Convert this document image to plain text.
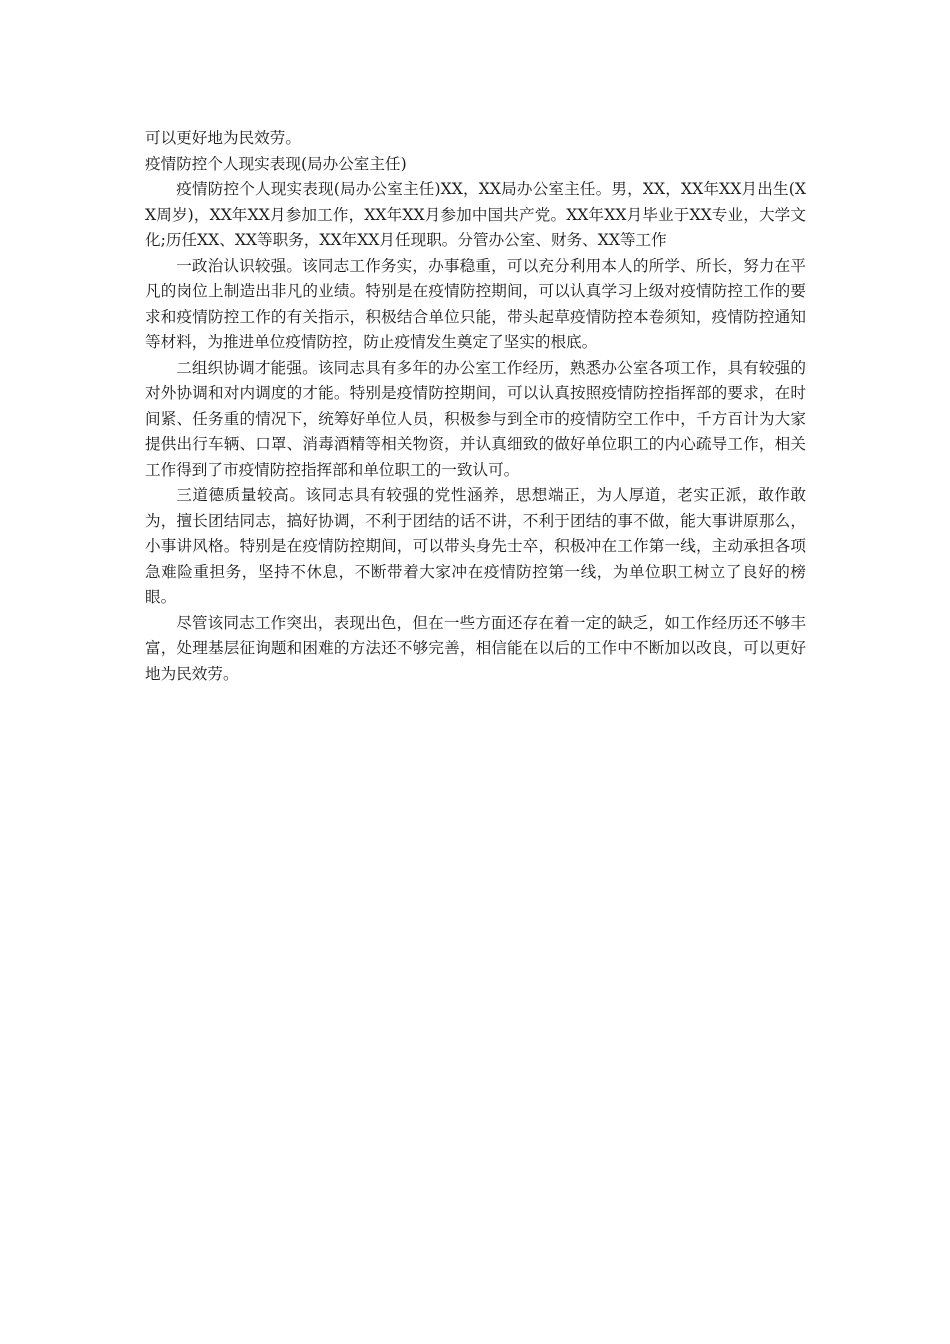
可以更好地为民效劳。

疫情防控个人现实表现(局办公室主任)

疫情防控个人现实表现(局办公室主任)XX，XX局办公室主任。男，XX，XX年XX月出生(XX周岁)，XX年XX月参加工作，XX年XX月参加中国共产党。XX年XX月毕业于XX专业，大学文化;历任XX、XX等职务，XX年XX月任现职。分管办公室、财务、XX等工作

一政治认识较强。该同志工作务实，办事稳重，可以充分利用本人的所学、所长，努力在平凡的岗位上制造出非凡的业绩。特别是在疫情防控期间，可以认真学习上级对疫情防控工作的要求和疫情防控工作的有关指示，积极结合单位只能，带头起草疫情防控本卷须知，疫情防控通知等材料，为推进单位疫情防控，防止疫情发生奠定了坚实的根底。

二组织协调才能强。该同志具有多年的办公室工作经历，熟悉办公室各项工作，具有较强的对外协调和对内调度的才能。特别是疫情防控期间，可以认真按照疫情防控指挥部的要求，在时间紧、任务重的情况下，统筹好单位人员，积极参与到全市的疫情防空工作中，千方百计为大家提供出行车辆、口罩、消毒酒精等相关物资，并认真细致的做好单位职工的内心疏导工作，相关工作得到了市疫情防控指挥部和单位职工的一致认可。

三道德质量较高。该同志具有较强的党性涵养，思想端正，为人厚道，老实正派，敢作敢为，擅长团结同志，搞好协调，不利于团结的话不讲，不利于团结的事不做，能大事讲原那么，小事讲风格。特别是在疫情防控期间，可以带头身先士卒，积极冲在工作第一线，主动承担各项急难险重担务，坚持不休息，不断带着大家冲在疫情防控第一线，为单位职工树立了良好的榜眼。

尽管该同志工作突出，表现出色，但在一些方面还存在着一定的缺乏，如工作经历还不够丰富，处理基层征询题和困难的方法还不够完善，相信能在以后的工作中不断加以改良，可以更好地为民效劳。
